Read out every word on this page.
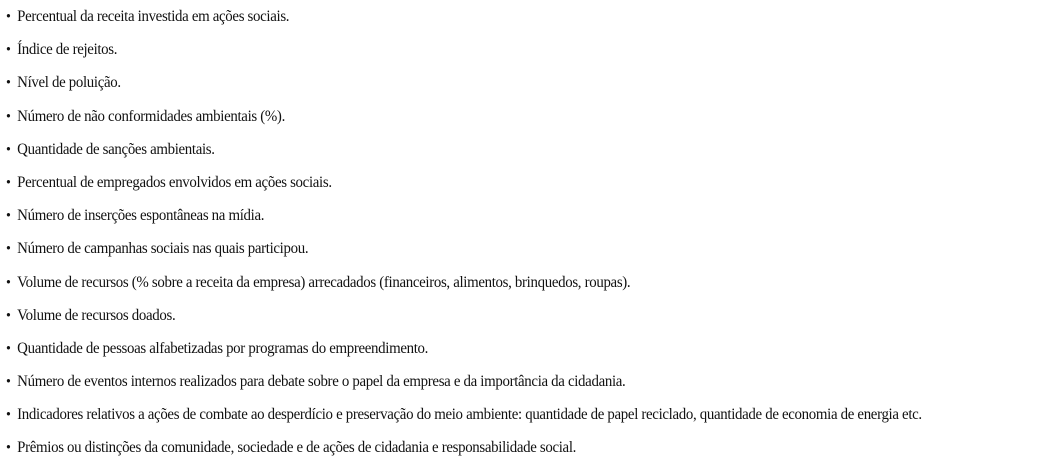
• Percentual da receita investida em ações sociais.
• Índice de rejeitos.
• Nível de poluição.
• Número de não conformidades ambientais (%).
• Quantidade de sanções ambientais.
• Percentual de empregados envolvidos em ações sociais.
• Número de inserções espontâneas na mídia.
• Número de campanhas sociais nas quais participou.
• Volume de recursos (% sobre a receita da empresa) arrecadados (financeiros, alimentos, brinquedos, roupas).
• Volume de recursos doados.
• Quantidade de pessoas alfabetizadas por programas do empreendimento.
• Número de eventos internos realizados para debate sobre o papel da empresa e da importância da cidadania.
• Indicadores relativos a ações de combate ao desperdício e preservação do meio ambiente: quantidade de papel reciclado, quantidade de economia de energia etc.
• Prêmios ou distinções da comunidade, sociedade e de ações de cidadania e responsabilidade social.
